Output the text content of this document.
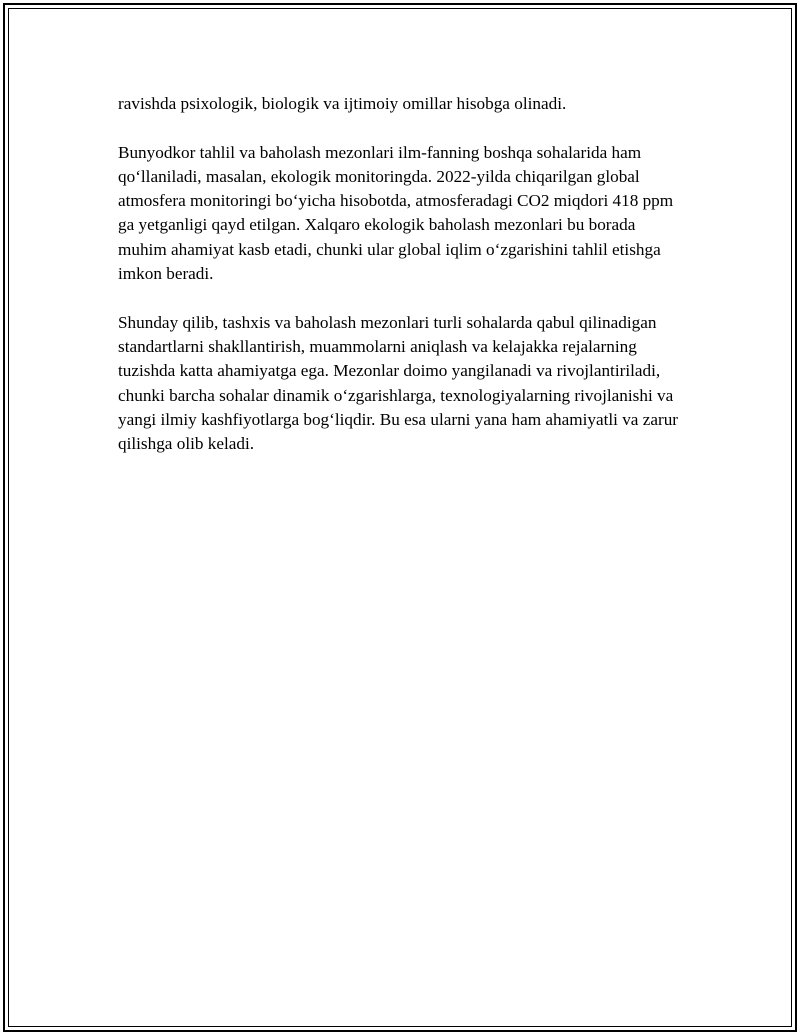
ravishda psixologik, biologik va ijtimoiy omillar hisobga olinadi.

Bunyodkor tahlil va baholash mezonlari ilm-fanning boshqa sohalarida ham qo‘llaniladi, masalan, ekologik monitoringda. 2022-yilda chiqarilgan global atmosfera monitoringi bo‘yicha hisobotda, atmosferadagi CO2 miqdori 418 ppm ga yetganligi qayd etilgan. Xalqaro ekologik baholash mezonlari bu borada muhim ahamiyat kasb etadi, chunki ular global iqlim o‘zgarishini tahlil etishga imkon beradi.

Shunday qilib, tashxis va baholash mezonlari turli sohalarda qabul qilinadigan standartlarni shakllantirish, muammolarni aniqlash va kelajakka rejalarning tuzishda katta ahamiyatga ega. Mezonlar doimo yangilanadi va rivojlantiriladi, chunki barcha sohalar dinamik o‘zgarishlarga, texnologiyalarning rivojlanishi va yangi ilmiy kashfiyotlarga bog‘liqdir. Bu esa ularni yana ham ahamiyatli va zarur qilishga olib keladi.
